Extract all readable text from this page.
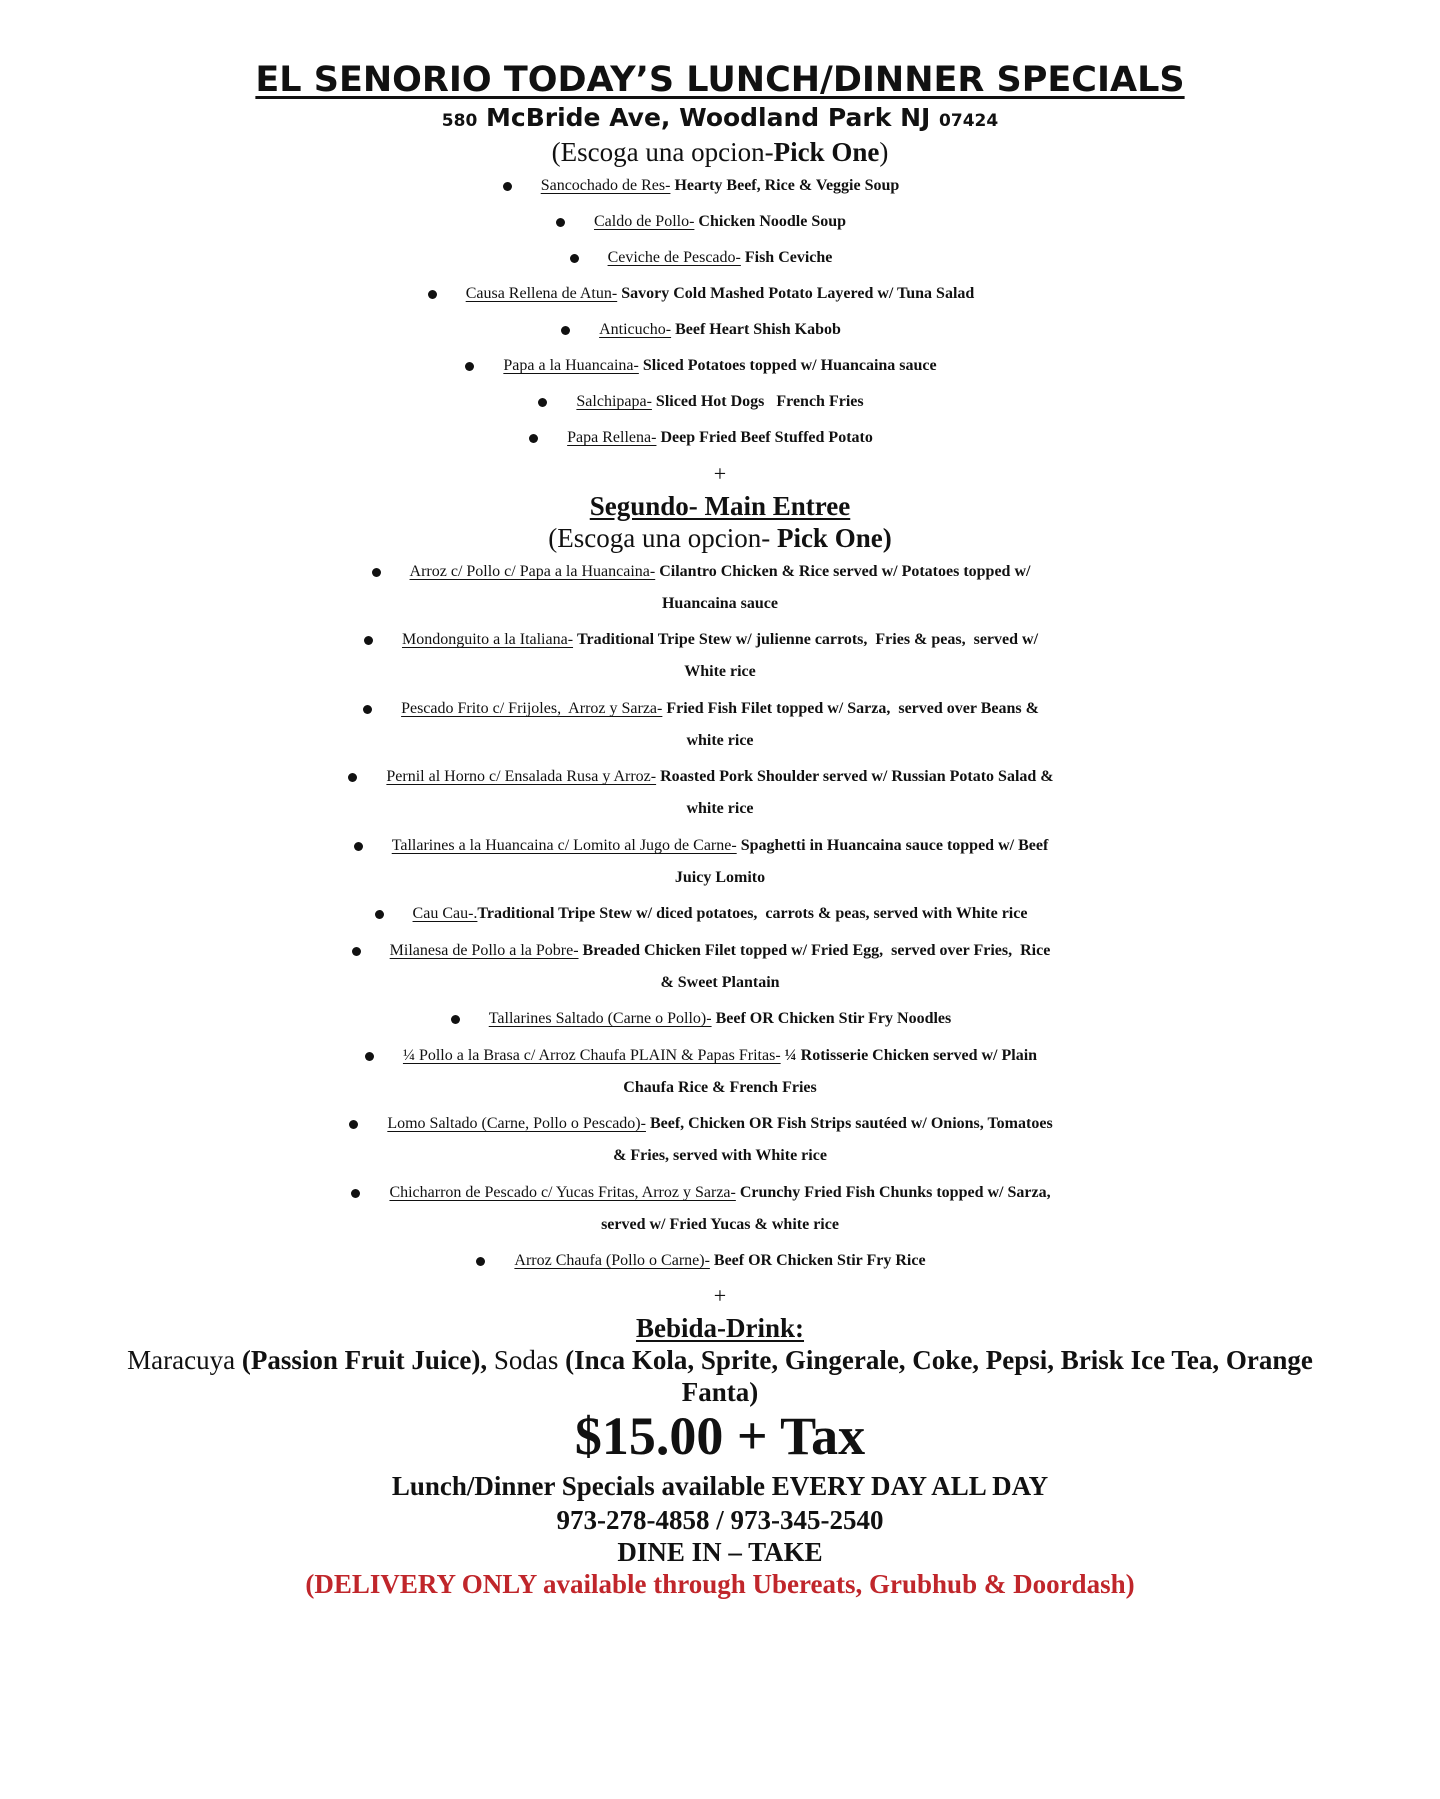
EL SENORIO TODAY’S LUNCH/DINNER SPECIALS
580 McBride Ave, Woodland Park NJ 07424
(Escoga una opcion-Pick One)
Sancochado de Res- Hearty Beef, Rice & Veggie Soup
Caldo de Pollo- Chicken Noodle Soup
Ceviche de Pescado- Fish Ceviche
Causa Rellena de Atun- Savory Cold Mashed Potato Layered w/ Tuna Salad
Anticucho- Beef Heart Shish Kabob
Papa a la Huancaina- Sliced Potatoes topped w/ Huancaina sauce
Salchipapa- Sliced Hot Dogs   French Fries
Papa Rellena- Deep Fried Beef Stuffed Potato
+
Segundo- Main Entree
(Escoga una opcion- Pick One)
Arroz c/ Pollo c/ Papa a la Huancaina- Cilantro Chicken & Rice served w/ Potatoes topped w/
Huancaina sauce
Mondonguito a la Italiana- Traditional Tripe Stew w/ julienne carrots,  Fries & peas,  served w/
White rice
Pescado Frito c/ Frijoles,  Arroz y Sarza- Fried Fish Filet topped w/ Sarza,  served over Beans &
white rice
Pernil al Horno c/ Ensalada Rusa y Arroz- Roasted Pork Shoulder served w/ Russian Potato Salad &
white rice
Tallarines a la Huancaina c/ Lomito al Jugo de Carne- Spaghetti in Huancaina sauce topped w/ Beef
Juicy Lomito
Cau Cau-.Traditional Tripe Stew w/ diced potatoes,  carrots & peas, served with White rice
Milanesa de Pollo a la Pobre- Breaded Chicken Filet topped w/ Fried Egg,  served over Fries,  Rice
& Sweet Plantain
Tallarines Saltado (Carne o Pollo)- Beef OR Chicken Stir Fry Noodles
¼ Pollo a la Brasa c/ Arroz Chaufa PLAIN & Papas Fritas- ¼ Rotisserie Chicken served w/ Plain
Chaufa Rice & French Fries
Lomo Saltado (Carne, Pollo o Pescado)- Beef, Chicken OR Fish Strips sautéed w/ Onions, Tomatoes
& Fries, served with White rice
Chicharron de Pescado c/ Yucas Fritas, Arroz y Sarza- Crunchy Fried Fish Chunks topped w/ Sarza,
served w/ Fried Yucas & white rice
Arroz Chaufa (Pollo o Carne)- Beef OR Chicken Stir Fry Rice
+
Bebida-Drink:
Maracuya (Passion Fruit Juice), Sodas (Inca Kola, Sprite, Gingerale, Coke, Pepsi, Brisk Ice Tea, Orange
Fanta)
$15.00 + Tax
Lunch/Dinner Specials available EVERY DAY ALL DAY
973-278-4858 / 973-345-2540
DINE IN – TAKE
(DELIVERY ONLY available through Ubereats, Grubhub & Doordash)
